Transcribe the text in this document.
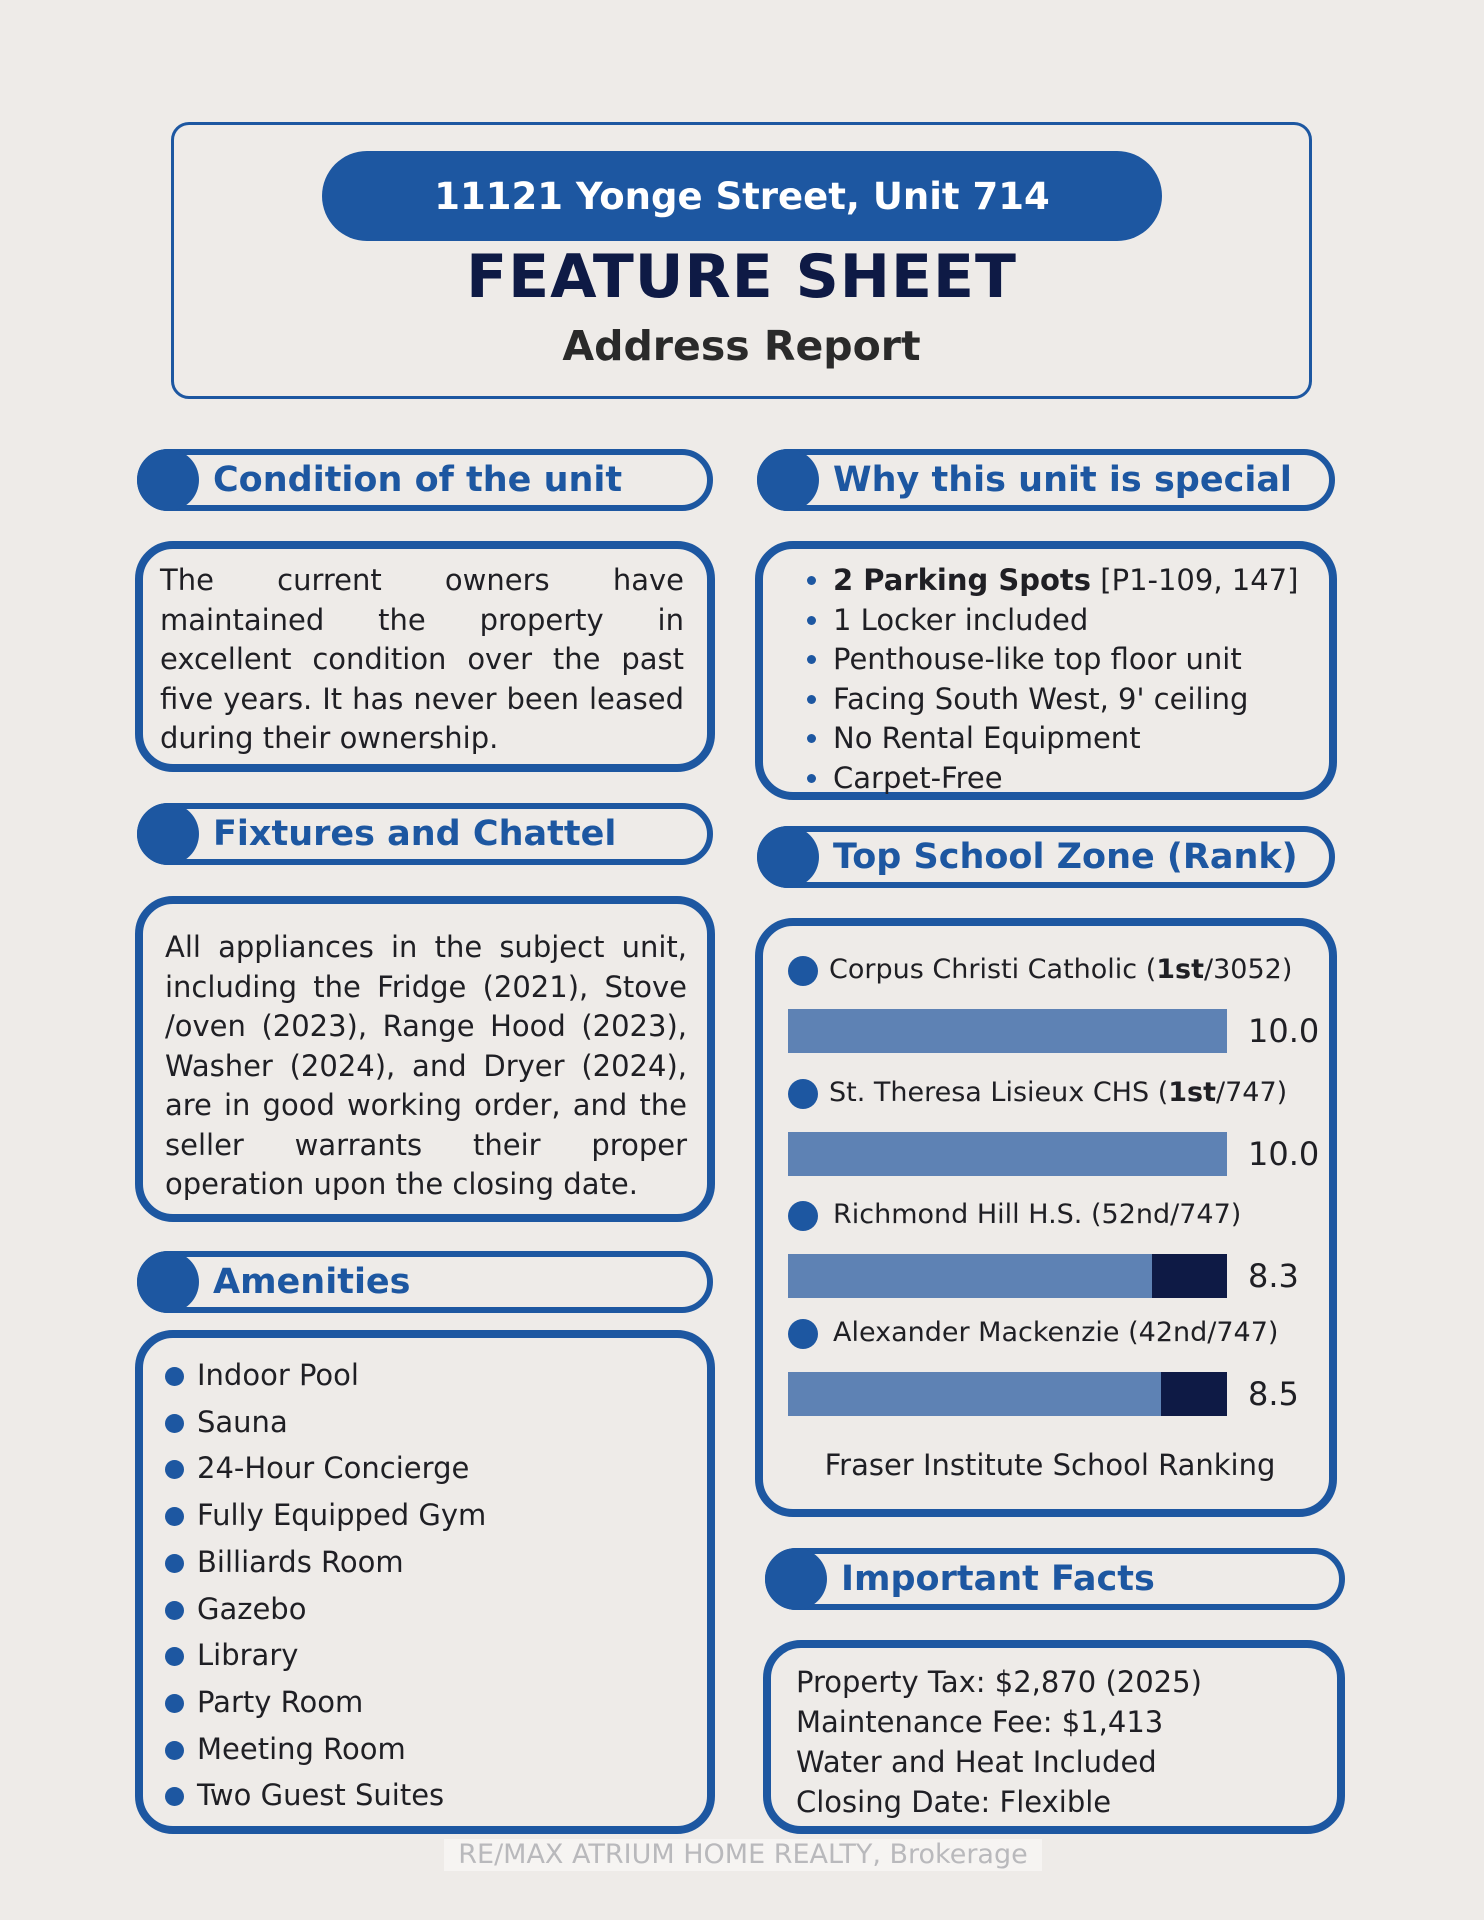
11121 Yonge Street, Unit 714
FEATURE SHEET
Address Report
Condition of the unit
The current owners have maintained the property in excellent condition over the past five years. It has never been leased during their ownership.
Fixtures and Chattel
All appliances in the subject unit, including the Fridge (2021), Stove /oven (2023), Range Hood (2023), Washer (2024), and Dryer (2024), are in good working order, and the seller warrants their proper operation upon the closing date.
Amenities
Indoor Pool
Sauna
24-Hour Concierge
Fully Equipped Gym
Billiards Room
Gazebo
Library
Party Room
Meeting Room
Two Guest Suites
Why this unit is special
2 Parking Spots [P1-109, 147]
1 Locker included
Penthouse-like top floor unit
Facing South West, 9' ceiling
No Rental Equipment
Carpet-Free
Top School Zone (Rank)
Corpus Christi Catholic (1st/3052)
10.0
St. Theresa Lisieux CHS (1st/747)
10.0
Richmond Hill H.S. (52nd/747)
8.3
Alexander Mackenzie (42nd/747)
8.5
Fraser Institute School Ranking
Important Facts

Property Tax: $2,870 (2025)

Maintenance Fee: $1,413

Water and Heat Included

Closing Date: Flexible

RE/MAX ATRIUM HOME REALTY, Brokerage
